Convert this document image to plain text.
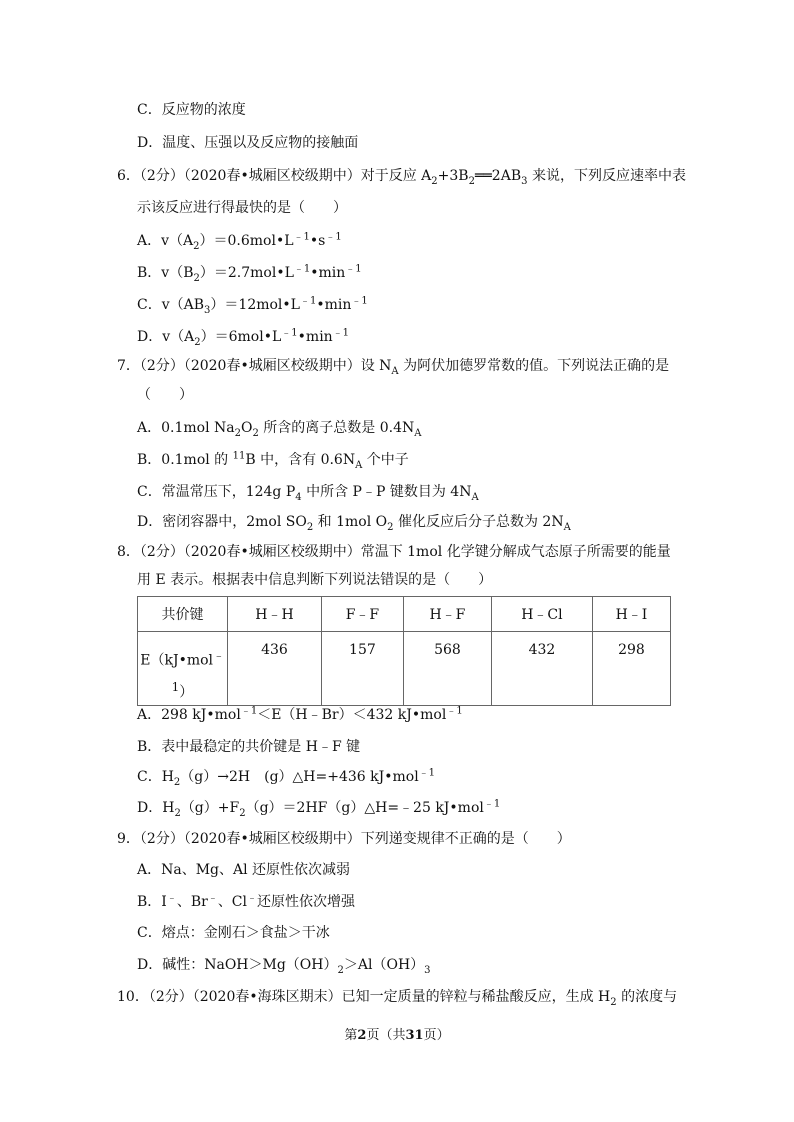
C．反应物的浓度
D．温度、压强以及反应物的接触面
6．（2分）（2020春•城厢区校级期中）对于反应 $A_2+3B_2══2AB_3$ 来说，下列反应速率中表
示该反应进行得最快的是（　　）
A．$v(A_2)=0.6mol•L^{﹣1}•s^{﹣1}$
B．$v(B_2)=2.7mol•L^{﹣1}•\min^{﹣1}$
C．$v(AB_3)=12mol•L^{﹣1}•\min^{﹣1}$
D．$v(A_2)=6mol•L^{﹣1}•\min^{﹣1}$
7．（2分）（2020春•城厢区校级期中）设 $N_A$ 为阿伏加德罗常数的值。下列说法正确的是
（　　）
A．0.1mol $Na_2O_2$ 所含的离子总数是 $0.4N_A$
B．0.1mol 的 $^{11}$B 中，含有 $0.6N_A$ 个中子
C．常温常压下，124g $P_4$ 中所含 P﹣P 键数目为 $4N_A$
D．密闭容器中，2mol $SO_2$ 和 1mol $O_2$ 催化反应后分子总数为 $2N_A$
8．（2分）（2020春•城厢区校级期中）常温下 1mol 化学键分解成气态原子所需要的能量
用 E 表示。根据表中信息判断下列说法错误的是（　　）
共价键	H﹣H	F﹣F	H﹣F	H﹣Cl	H﹣I
E（kJ•mol﹣
$^1$）	436	157	568	432	298
A．298 kJ•mol$^{﹣1}$＜E（H﹣Br）＜432 kJ•mol$^{﹣1}$
B．表中最稳定的共价键是 H﹣F 键
C．$H_2(g)\to 2H$　(g）△H=+436 kJ•mol$^{﹣1}$
D．$H_2(g)+F_2(g)=2HF(g)\triangle H=﹣25$ kJ•mol$^{﹣1}$
9．（2分）（2020春•城厢区校级期中）下列递变规律不正确的是（　　）
A．Na、Mg、Al 还原性依次减弱
B．I﹣、Br﹣、Cl﹣还原性依次增强
C．熔点：金刚石＞食盐＞干冰
D．碱性：$NaOH>Mg(OH)_2>Al(OH)_3$
10．（2分）（2020春•海珠区期末）已知一定质量的锌粒与稀盐酸反应，生成 $H_2$ 的浓度与
第2页（共31页）
